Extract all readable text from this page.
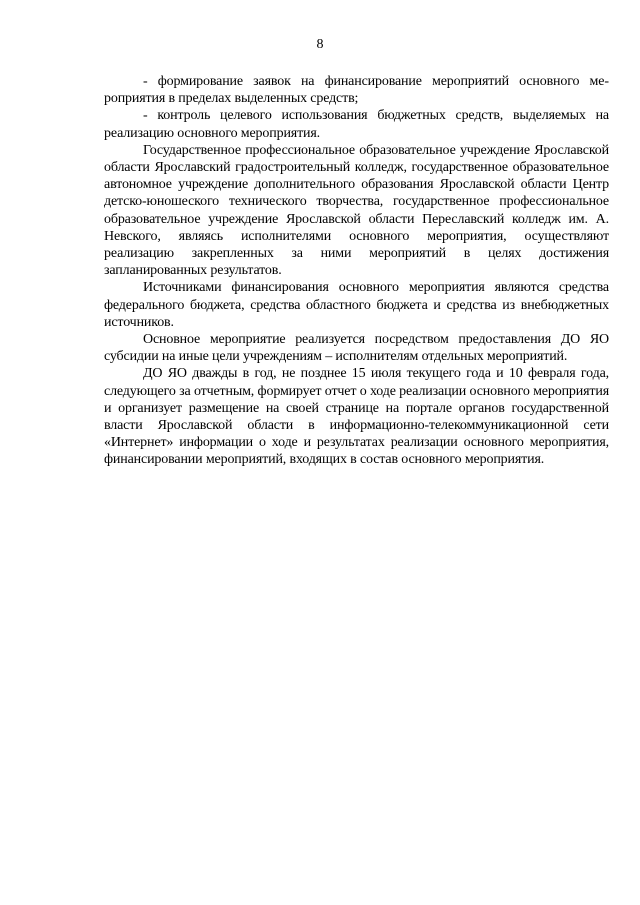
8

- формирование заявок на финансирование мероприятий основного мероприятия в пределах выделенных средств;

- контроль целевого использования бюджетных средств, выделяемых на реализацию основного мероприятия.

Государственное профессиональное образовательное учреждение Ярославской области Ярославский градостроительный колледж, государственное образовательное автономное учреждение дополнительного образования Ярославской области Центр детско-юношеского технического творчества, государственное профессиональное образовательное учреждение Ярославской области Переславский колледж им. А. Невского, являясь исполнителями основного мероприятия, осуществляют реализацию закрепленных за ними мероприятий в целях достижения запланированных результатов.

Источниками финансирования основного мероприятия являются средства федерального бюджета, средства областного бюджета и средства из внебюджетных источников.

Основное мероприятие реализуется посредством предоставления ДО ЯО субсидии на иные цели учреждениям – исполнителям отдельных мероприятий.

ДО ЯО дважды в год, не позднее 15 июля текущего года и 10 февраля года, следующего за отчетным, формирует отчет о ходе реализации основного мероприятия и организует размещение на своей странице на портале органов государственной власти Ярославской области в информационно-телекоммуникационной сети «Интернет» информации о ходе и результатах реализации основного мероприятия, финансировании мероприятий, входящих в состав основного мероприятия.
